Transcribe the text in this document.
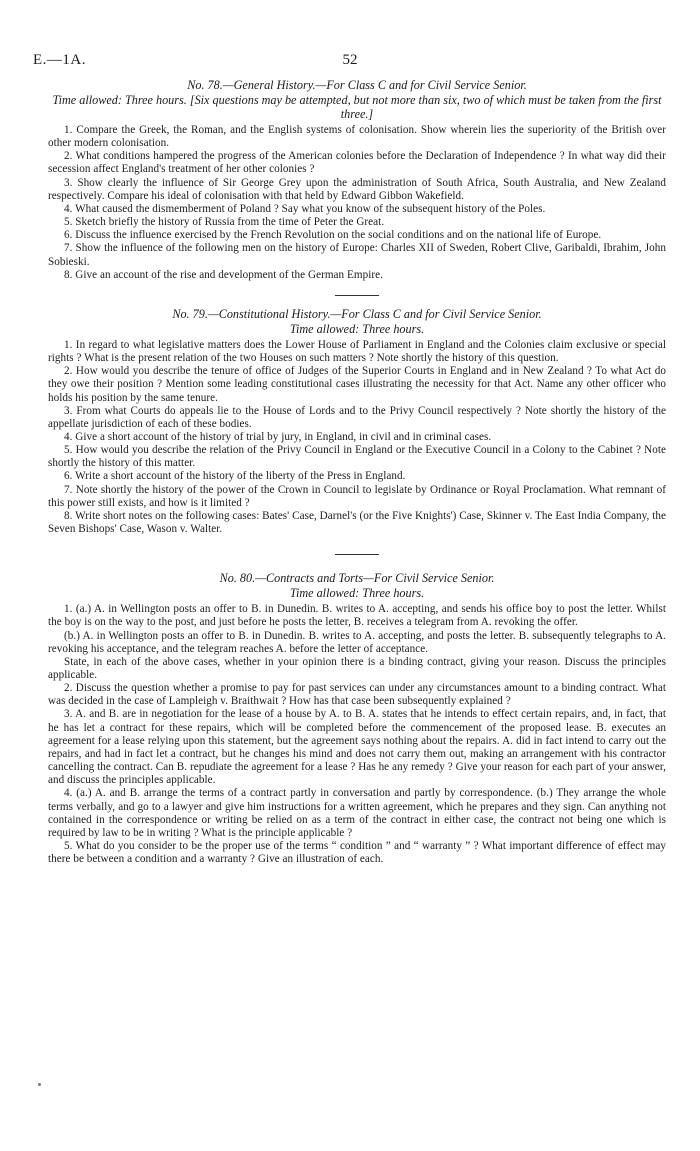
E.—1A.	52

No. 78.—General History.—For Class C and for Civil Service Senior.

Time allowed: Three hours. [Six questions may be attempted, but not more than six, two of which must be taken from the first three.]

1. Compare the Greek, the Roman, and the English systems of colonisation. Show wherein lies the superiority of the British over other modern colonisation.

2. What conditions hampered the progress of the American colonies before the Declaration of Independence ? In what way did their secession affect England's treatment of her other colonies ?

3. Show clearly the influence of Sir George Grey upon the administration of South Africa, South Australia, and New Zealand respectively. Compare his ideal of colonisation with that held by Edward Gibbon Wakefield.

4. What caused the dismemberment of Poland ? Say what you know of the subsequent history of the Poles.

5. Sketch briefly the history of Russia from the time of Peter the Great.

6. Discuss the influence exercised by the French Revolution on the social conditions and on the national life of Europe.

7. Show the influence of the following men on the history of Europe: Charles XII of Sweden, Robert Clive, Garibaldi, Ibrahim, John Sobieski.

8. Give an account of the rise and development of the German Empire.

No. 79.—Constitutional History.—For Class C and for Civil Service Senior.

Time allowed: Three hours.

1. In regard to what legislative matters does the Lower House of Parliament in England and the Colonies claim exclusive or special rights ? What is the present relation of the two Houses on such matters ? Note shortly the history of this question.

2. How would you describe the tenure of office of Judges of the Superior Courts in England and in New Zealand ? To what Act do they owe their position ? Mention some leading constitutional cases illustrating the necessity for that Act. Name any other officer who holds his position by the same tenure.

3. From what Courts do appeals lie to the House of Lords and to the Privy Council respectively ? Note shortly the history of the appellate jurisdiction of each of these bodies.

4. Give a short account of the history of trial by jury, in England, in civil and in criminal cases.

5. How would you describe the relation of the Privy Council in England or the Executive Council in a Colony to the Cabinet ? Note shortly the history of this matter.

6. Write a short account of the history of the liberty of the Press in England.

7. Note shortly the history of the power of the Crown in Council to legislate by Ordinance or Royal Proclamation. What remnant of this power still exists, and how is it limited ?

8. Write short notes on the following cases: Bates' Case, Darnel's (or the Five Knights') Case, Skinner v. The East India Company, the Seven Bishops' Case, Wason v. Walter.

No. 80.—Contracts and Torts—For Civil Service Senior.

Time allowed: Three hours.

1. (a.) A. in Wellington posts an offer to B. in Dunedin. B. writes to A. accepting, and sends his office boy to post the letter. Whilst the boy is on the way to the post, and just before he posts the letter, B. receives a telegram from A. revoking the offer.

(b.) A. in Wellington posts an offer to B. in Dunedin. B. writes to A. accepting, and posts the letter. B. subsequently telegraphs to A. revoking his acceptance, and the telegram reaches A. before the letter of acceptance.

State, in each of the above cases, whether in your opinion there is a binding contract, giving your reason. Discuss the principles applicable.

2. Discuss the question whether a promise to pay for past services can under any circumstances amount to a binding contract. What was decided in the case of Lampleigh v. Braithwait ? How has that case been subsequently explained ?

3. A. and B. are in negotiation for the lease of a house by A. to B. A. states that he intends to effect certain repairs, and, in fact, that he has let a contract for these repairs, which will be completed before the commencement of the proposed lease. B. executes an agreement for a lease relying upon this statement, but the agreement says nothing about the repairs. A. did in fact intend to carry out the repairs, and had in fact let a contract, but he changes his mind and does not carry them out, making an arrangement with his contractor cancelling the contract. Can B. repudiate the agreement for a lease ? Has he any remedy ? Give your reason for each part of your answer, and discuss the principles applicable.

4. (a.) A. and B. arrange the terms of a contract partly in conversation and partly by correspondence. (b.) They arrange the whole terms verbally, and go to a lawyer and give him instructions for a written agreement, which he prepares and they sign. Can anything not contained in the correspondence or writing be relied on as a term of the contract in either case, the contract not being one which is required by law to be in writing ? What is the principle applicable ?

5. What do you consider to be the proper use of the terms “ condition ” and “ warranty ” ? What important difference of effect may there be between a condition and a warranty ? Give an illustration of each.
